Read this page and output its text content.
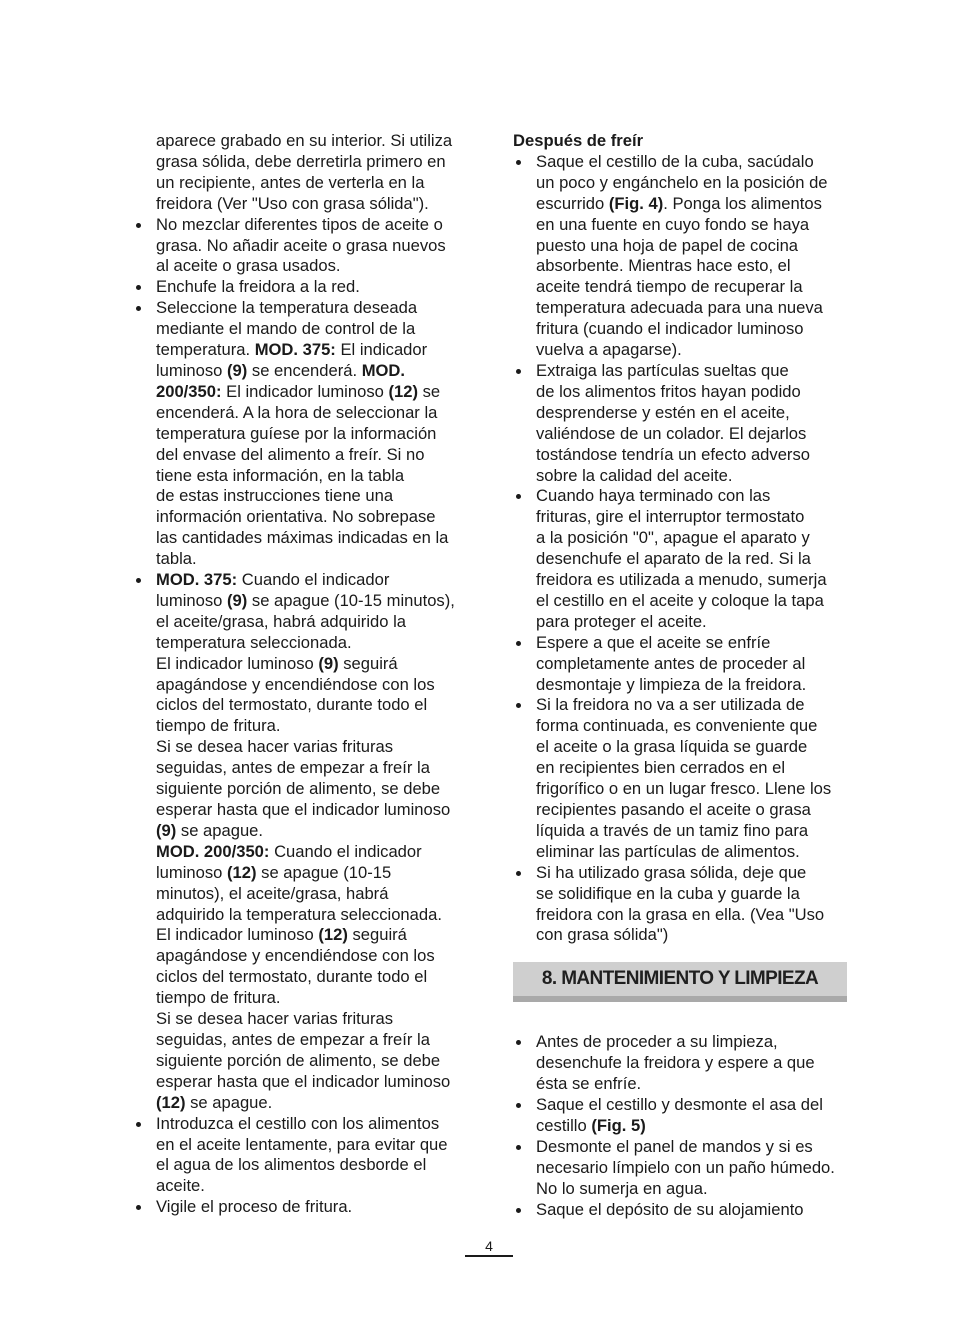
aparece grabado en su interior. Si utiliza
grasa sólida, debe derretirla primero en
un recipiente, antes de verterla en la
freidora (Ver "Uso con grasa sólida").
No mezclar diferentes tipos de aceite o
grasa. No añadir aceite o grasa nuevos
al aceite o grasa usados.
Enchufe la freidora a la red.
Seleccione la temperatura deseada
mediante el mando de control de la
temperatura. MOD. 375: El indicador
luminoso (9) se encenderá. MOD.
200/350: El indicador luminoso (12) se
encenderá. A la hora de seleccionar la
temperatura guíese por la información
del envase del alimento a freír. Si no
tiene esta información, en la tabla
de estas instrucciones tiene una
información orientativa. No sobrepase
las cantidades máximas indicadas en la
tabla.
MOD. 375: Cuando el indicador
luminoso (9) se apague (10-15 minutos),
el aceite/grasa, habrá adquirido la
temperatura seleccionada.
El indicador luminoso (9) seguirá
apagándose y encendiéndose con los
ciclos del termostato, durante todo el
tiempo de fritura.
Si se desea hacer varias frituras
seguidas, antes de empezar a freír la
siguiente porción de alimento, se debe
esperar hasta que el indicador luminoso
(9) se apague.
MOD. 200/350: Cuando el indicador
luminoso (12) se apague (10-15
minutos), el aceite/grasa, habrá
adquirido la temperatura seleccionada.
El indicador luminoso (12) seguirá
apagándose y encendiéndose con los
ciclos del termostato, durante todo el
tiempo de fritura.
Si se desea hacer varias frituras
seguidas, antes de empezar a freír la
siguiente porción de alimento, se debe
esperar hasta que el indicador luminoso
(12) se apague.
Introduzca el cestillo con los alimentos
en el aceite lentamente, para evitar que
el agua de los alimentos desborde el
aceite.
Vigile el proceso de fritura.

Después de freír

Saque el cestillo de la cuba, sacúdalo
un poco y engánchelo en la posición de
escurrido (Fig. 4). Ponga los alimentos
en una fuente en cuyo fondo se haya
puesto una hoja de papel de cocina
absorbente. Mientras hace esto, el
aceite tendrá tiempo de recuperar la
temperatura adecuada para una nueva
fritura (cuando el indicador luminoso
vuelva a apagarse).
Extraiga las partículas sueltas que
de los alimentos fritos hayan podido
desprenderse y estén en el aceite,
valiéndose de un colador. El dejarlos
tostándose tendría un efecto adverso
sobre la calidad del aceite.
Cuando haya terminado con las
frituras, gire el interruptor termostato
a la posición "0", apague el aparato y
desenchufe el aparato de la red. Si la
freidora es utilizada a menudo, sumerja
el cestillo en el aceite y coloque la tapa
para proteger el aceite.
Espere a que el aceite se enfríe
completamente antes de proceder al
desmontaje y limpieza de la freidora.
Si la freidora no va a ser utilizada de
forma continuada, es conveniente que
el aceite o la grasa líquida se guarde
en recipientes bien cerrados en el
frigorífico o en un lugar fresco. Llene los
recipientes pasando el aceite o grasa
líquida a través de un tamiz fino para
eliminar las partículas de alimentos.
Si ha utilizado grasa sólida, deje que
se solidifique en la cuba y guarde la
freidora con la grasa en ella. (Vea "Uso
con grasa sólida")
8. MANTENIMIENTO Y LIMPIEZA
Antes de proceder a su limpieza,
desenchufe la freidora y espere a que
ésta se enfríe.
Saque el cestillo y desmonte el asa del
cestillo (Fig. 5)
Desmonte el panel de mandos y si es
necesario límpielo con un paño húmedo.
No lo sumerja en agua.
Saque el depósito de su alojamiento
4
